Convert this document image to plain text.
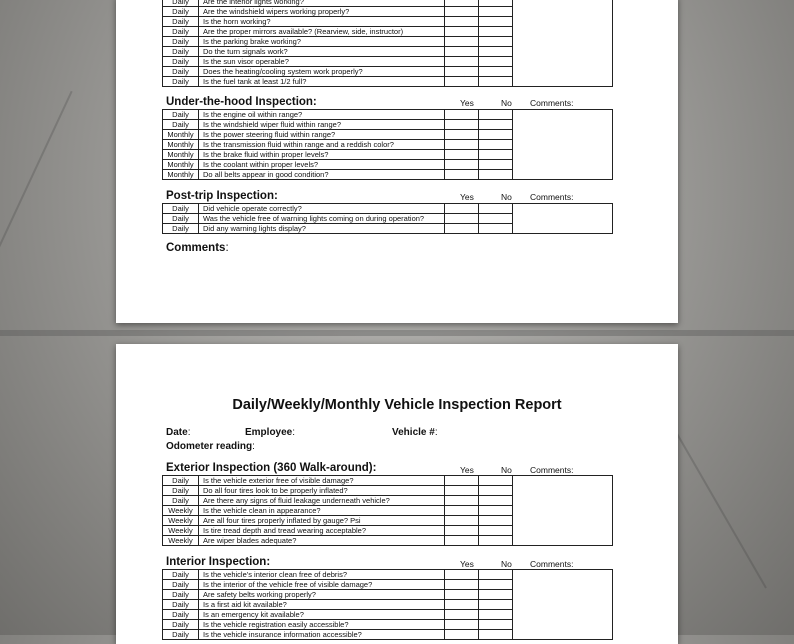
Daily	Are the interior lights working?			
Daily	Are the windshield wipers working properly?			
Daily	Is the horn working?			
Daily	Are the proper mirrors available? (Rearview, side, instructor)			
Daily	Is the parking brake working?			
Daily	Do the turn signals work?			
Daily	Is the sun visor operable?			
Daily	Does the heating/cooling system work properly?			
Daily	Is the fuel tank at least 1/2 full?			
Under-the-hood Inspection:	Yes	No Comments:
Daily	Is the engine oil within range?			
Daily	Is the windshield wiper fluid within range?			
Monthly	Is the power steering fluid within range?			
Monthly	Is the transmission fluid within range and a reddish color?			
Monthly	Is the brake fluid within proper levels?			
Monthly	Is the coolant within proper levels?			
Monthly	Do all belts appear in good condition?			
Post-trip Inspection:	Yes	No Comments:
Daily	Did vehicle operate correctly?			
Daily	Was the vehicle free of warning lights coming on during operation?			
Daily	Did any warning lights display?			
Comments:
Daily/Weekly/Monthly Vehicle Inspection Report
Date:	Employee:	Vehicle #:
Odometer reading:
Exterior Inspection (360 Walk-around):	Yes	No Comments:
Daily	Is the vehicle exterior free of visible damage?			
Daily	Do all four tires look to be properly inflated?			
Daily	Are there any signs of fluid leakage underneath vehicle?			
Weekly	Is the vehicle clean in appearance?			
Weekly	Are all four tires properly inflated by gauge? Psi			
Weekly	Is tire tread depth and tread wearing acceptable?			
Weekly	Are wiper blades adequate?			
Interior Inspection:	Yes	No Comments:
Daily	Is the vehicle's interior clean free of debris?			
Daily	Is the interior of the vehicle free of visible damage?			
Daily	Are safety belts working properly?			
Daily	Is a first aid kit available?			
Daily	Is an emergency kit available?			
Daily	Is the vehicle registration easily accessible?			
Daily	Is the vehicle insurance information accessible?			
